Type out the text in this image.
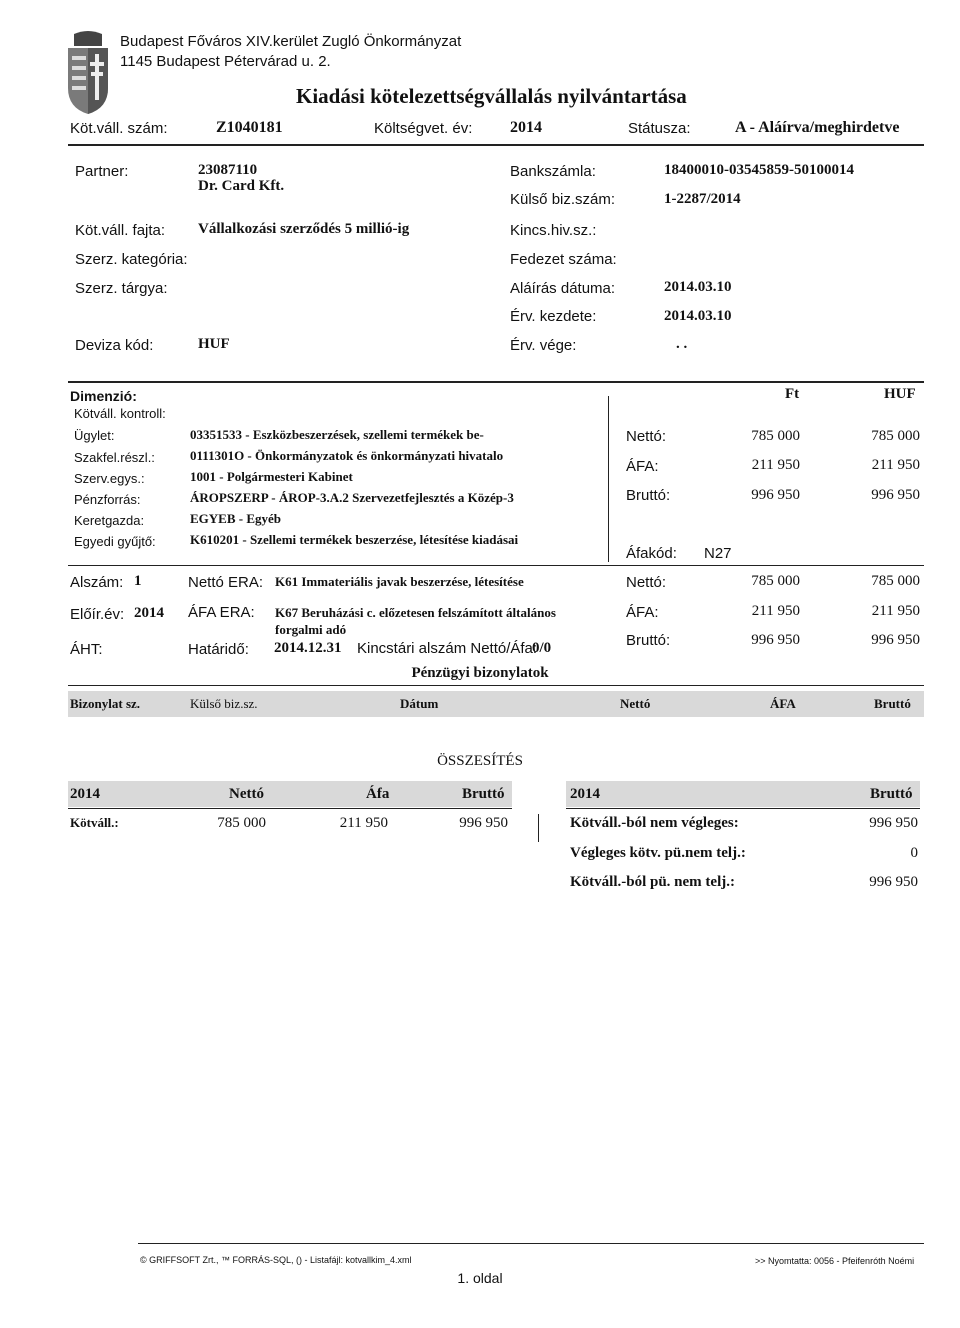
Budapest Főváros XIV.kerület Zugló Önkormányzat
1145 Budapest Pétervárad u. 2.
Kiadási kötelezettségvállalás nyilvántartása
Köt.váll. szám:	Z1040181	Költségvet. év: 2014	Státusza:	A - Aláírva/meghirdetve
Partner:	23087110
Dr. Card Kft.
Bankszámla:	18400010-03545859-50100014
Külső biz.szám:	1-2287/2014
Köt.váll. fajta: Vállalkozási szerződés 5 millió-ig	Kincs.hiv.sz.:
Szerz. kategória:	Fedezet száma:
Szerz. tárgya:	Aláírás dátuma:	2014.03.10
Érv. kezdete:	2014.03.10
Deviza kód:	HUF	Érv. vége:	. .
Dimenzió:	Ft	HUF
Kötváll. kontroll:
Ügylet:	03351533 - Eszközbeszerzések, szellemi termékek be-
Szakfel.részl.:	0111301O - Önkormányzatok és önkormányzati hivatalo
Szerv.egys.:	1001 - Polgármesteri Kabinet
Pénzforrás:	ÁROPSZERP - ÁROP-3.A.2 Szervezetfejlesztés a Közép-3
Keretgazda:	EGYEB - Egyéb
Egyedi gyűjtő:	K610201 - Szellemi termékek beszerzése, létesítése kiadásai
Nettó:	785 000	785 000
ÁFA:	211 950	211 950
Bruttó:	996 950	996 950
Áfakód: N27
Alszám: 1	Nettó ERA: K61 Immateriális javak beszerzése, létesítése
Előír.év: 2014 ÁFA ERA: K67 Beruházási c. előzetesen felszámított általános
forgalmi adó
ÁHT:	Határidő: 2014.12.31 Kincstári alszám Nettó/Áfa:
0/0
Nettó:	785 000	785 000
ÁFA:	211 950	211 950
Bruttó:	996 950	996 950
Pénzügyi bizonylatok
Bizonylat sz.	Külső biz.sz.	Dátum	Nettó	ÁFA	Bruttó
ÖSSZESÍTÉS
2014	Nettó	Áfa	Bruttó
Kötváll.:	785 000	211 950	996 950
2014	Bruttó
Kötváll.-ból nem végleges:	996 950
Végleges kötv. pü.nem telj.:	0
Kötváll.-ból pü. nem telj.:	996 950
© GRIFFSOFT Zrt., ™ FORRÁS-SQL, () - Listafájl: kotvallkim_4.xml	>> Nyomtatta: 0056 - Pfeifenróth Noémi
1. oldal
